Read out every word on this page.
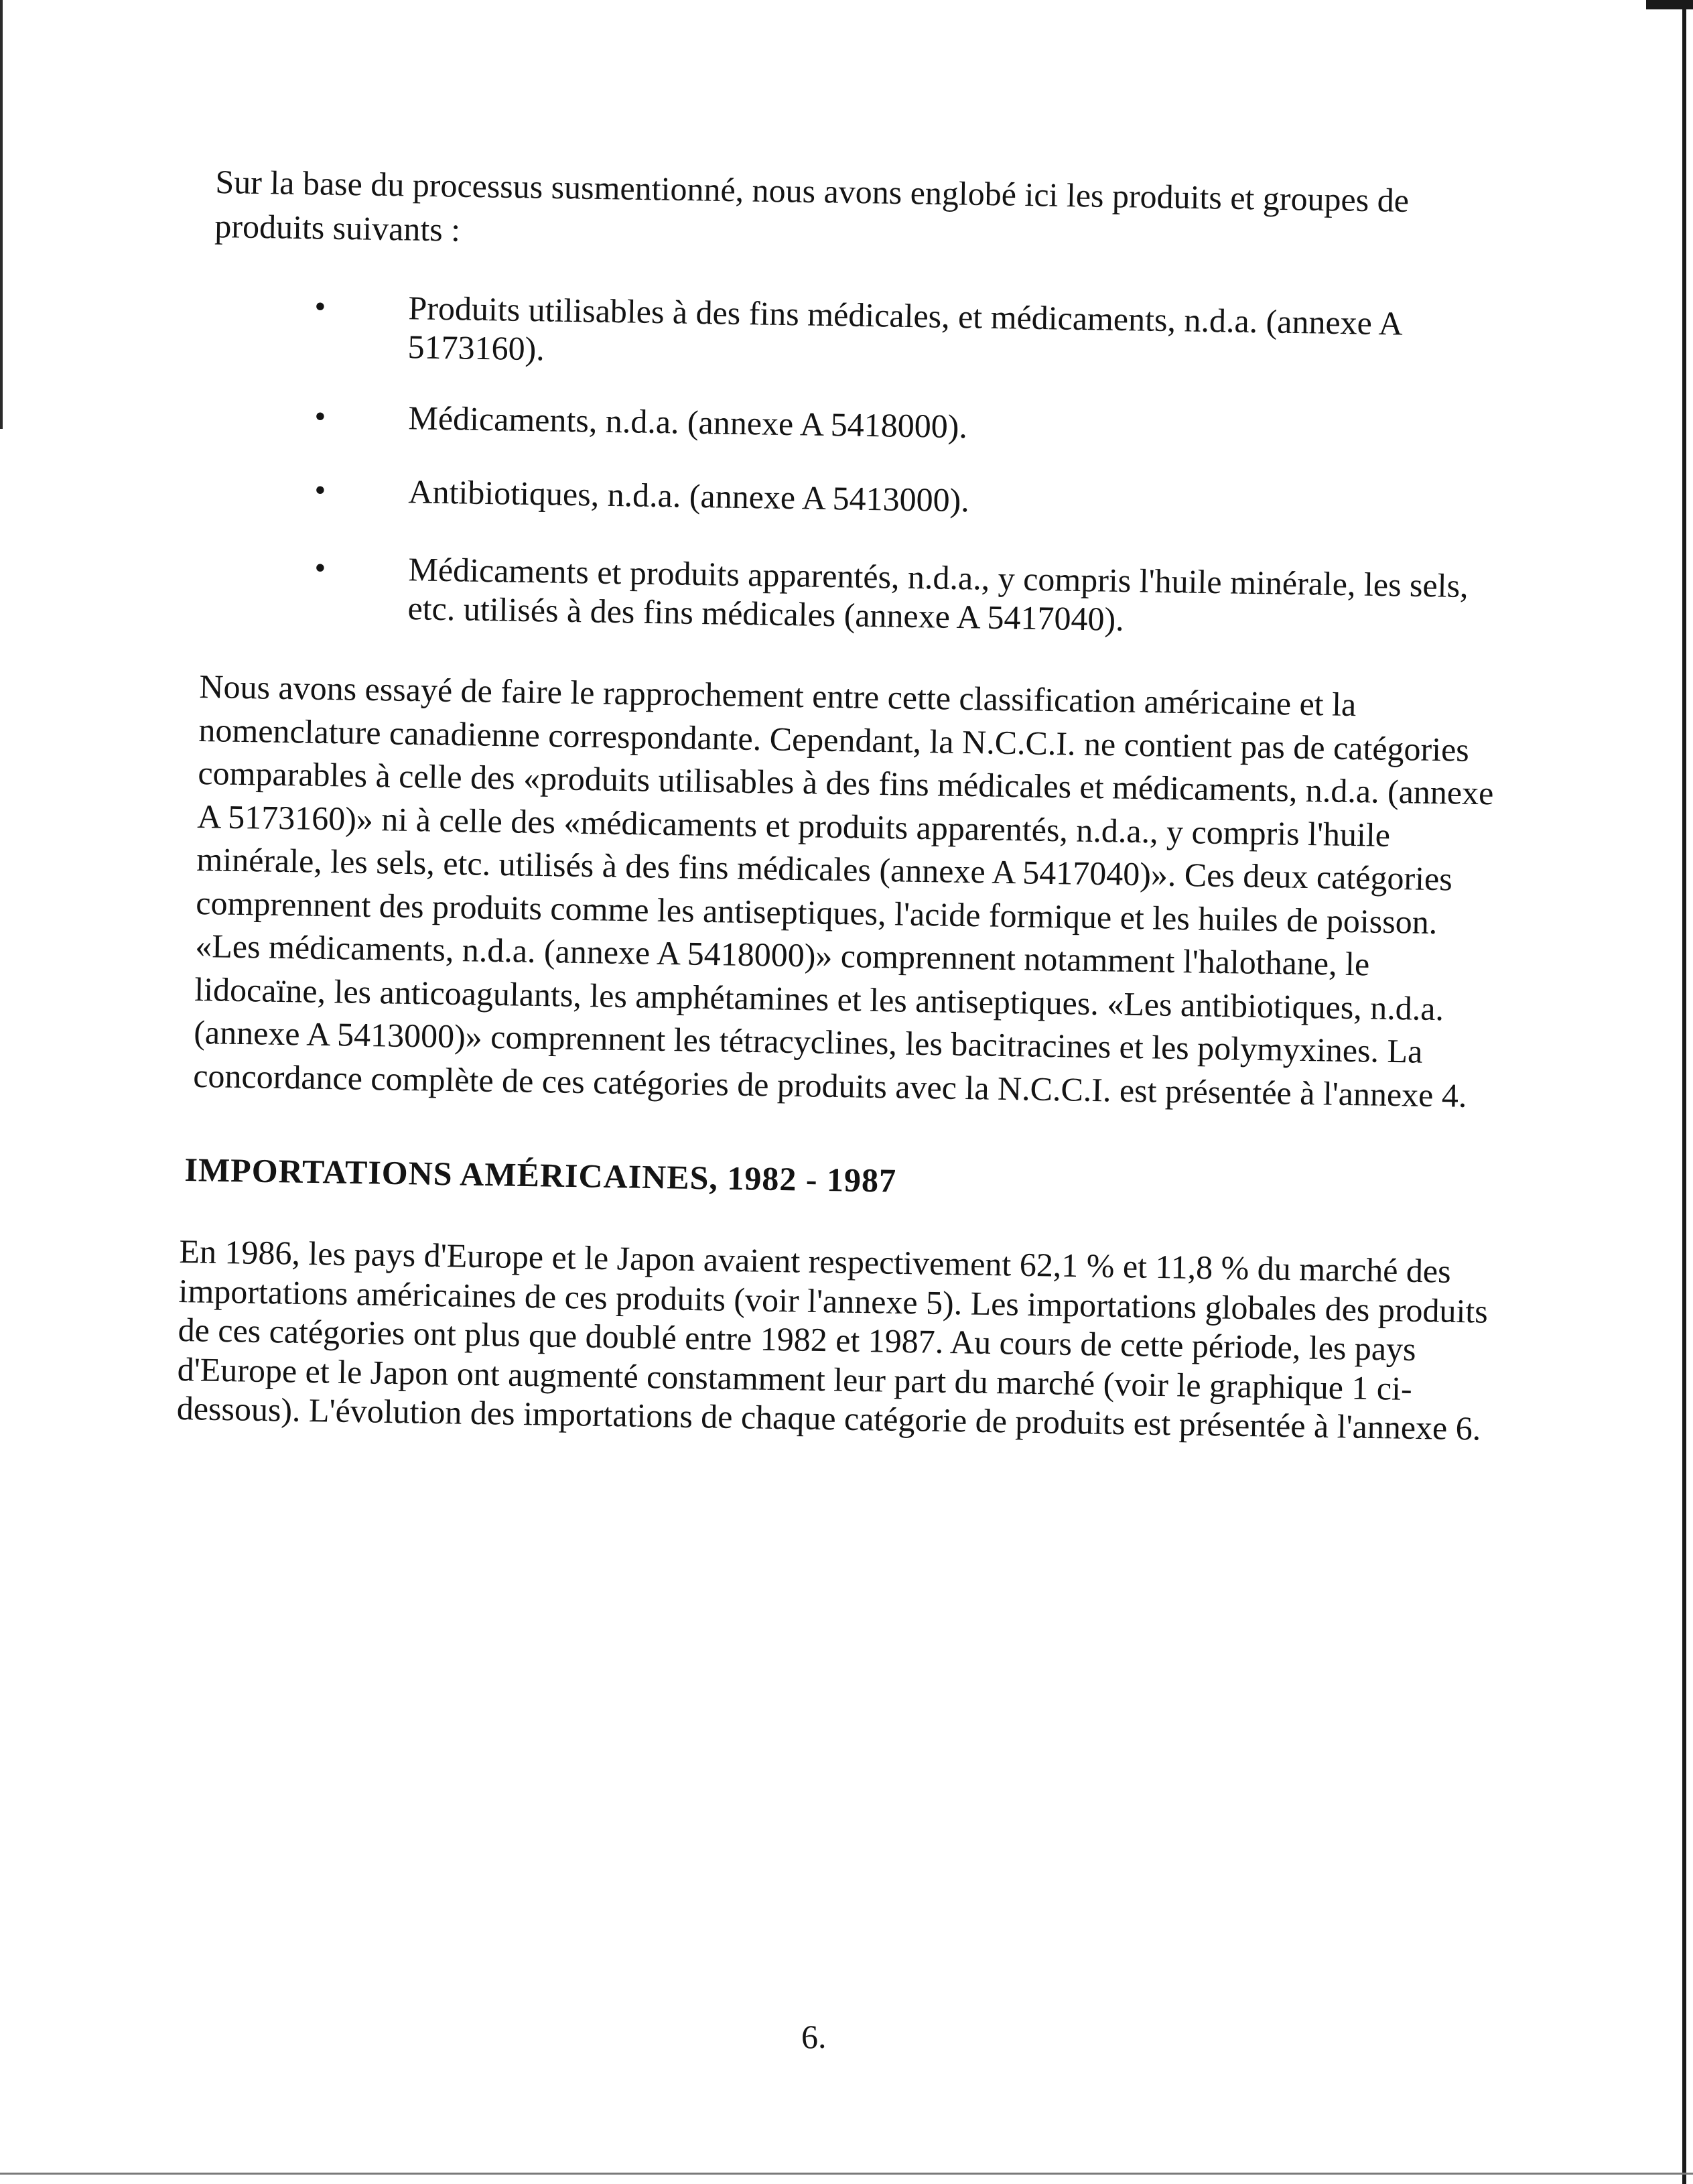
Sur la base du processus susmentionné, nous avons englobé ici les produits et groupes de produits suivants :

• Produits utilisables à des fins médicales, et médicaments, n.d.a. (annexe A 5173160).
• Médicaments, n.d.a. (annexe A 5418000).
• Antibiotiques, n.d.a. (annexe A 5413000).
• Médicaments et produits apparentés, n.d.a., y compris l'huile minérale, les sels, etc. utilisés à des fins médicales (annexe A 5417040).

Nous avons essayé de faire le rapprochement entre cette classification américaine et la nomenclature canadienne correspondante. Cependant, la N.C.C.I. ne contient pas de catégories comparables à celle des «produits utilisables à des fins médicales et médicaments, n.d.a. (annexe A 5173160)» ni à celle des «médicaments et produits apparentés, n.d.a., y compris l'huile minérale, les sels, etc. utilisés à des fins médicales (annexe A 5417040)». Ces deux catégories comprennent des produits comme les antiseptiques, l'acide formique et les huiles de poisson. «Les médicaments, n.d.a. (annexe A 5418000)» comprennent notamment l'halothane, le lidocaïne, les anticoagulants, les amphétamines et les antiseptiques. «Les antibiotiques, n.d.a. (annexe A 5413000)» comprennent les tétracyclines, les bacitracines et les polymyxines. La concordance complète de ces catégories de produits avec la N.C.C.I. est présentée à l'annexe 4.

IMPORTATIONS AMÉRICAINES, 1982 - 1987

En 1986, les pays d'Europe et le Japon avaient respectivement 62,1 % et 11,8 % du marché des importations américaines de ces produits (voir l'annexe 5). Les importations globales des produits de ces catégories ont plus que doublé entre 1982 et 1987. Au cours de cette période, les pays d'Europe et le Japon ont augmenté constamment leur part du marché (voir le graphique 1 ci-dessous). L'évolution des importations de chaque catégorie de produits est présentée à l'annexe 6.

6.
